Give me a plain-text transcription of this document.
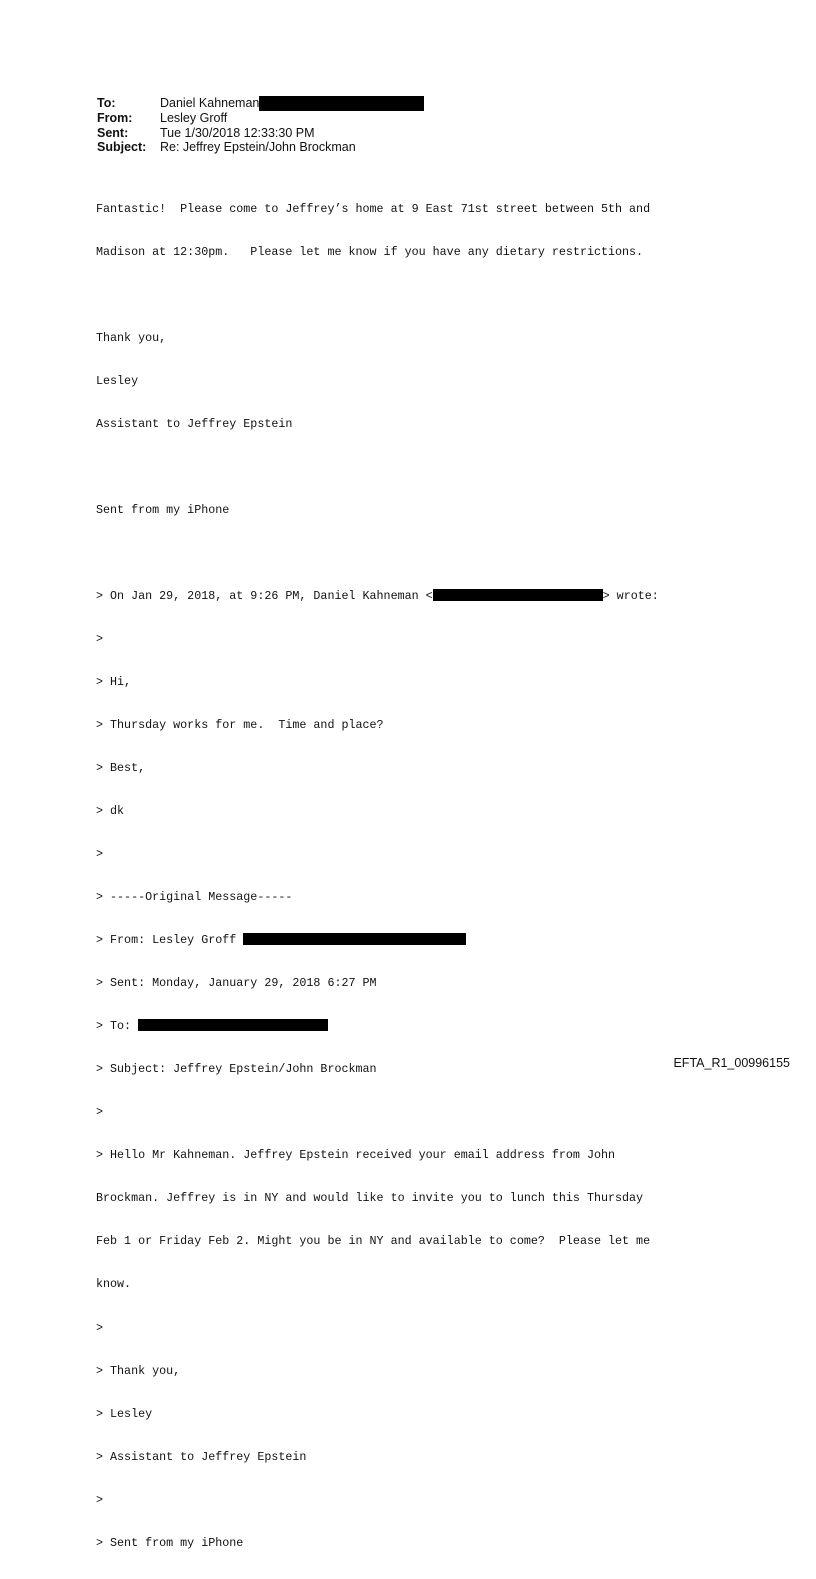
To:	Daniel Kahneman
From:	Lesley Groff
Sent:	Tue 1/30/2018 12:33:30 PM
Subject:	Re: Jeffrey Epstein/John Brockman

Fantastic!  Please come to Jeffrey’s home at 9 East 71st street between 5th and

Madison at 12:30pm.   Please let me know if you have any dietary restrictions.

Thank you,

Lesley

Assistant to Jeffrey Epstein

Sent from my iPhone

> On Jan 29, 2018, at 9:26 PM, Daniel Kahneman <	> wrote:

>

> Hi,

> Thursday works for me.  Time and place?

> Best,

> dk

>

> -----Original Message-----

> From: Lesley Groff

> Sent: Monday, January 29, 2018 6:27 PM

> To:

> Subject: Jeffrey Epstein/John Brockman

>

> Hello Mr Kahneman. Jeffrey Epstein received your email address from John

Brockman. Jeffrey is in NY and would like to invite you to lunch this Thursday

Feb 1 or Friday Feb 2. Might you be in NY and available to come?  Please let me

know.

>

> Thank you,

> Lesley

> Assistant to Jeffrey Epstein

>

> Sent from my iPhone

EFTA_R1_00996155
